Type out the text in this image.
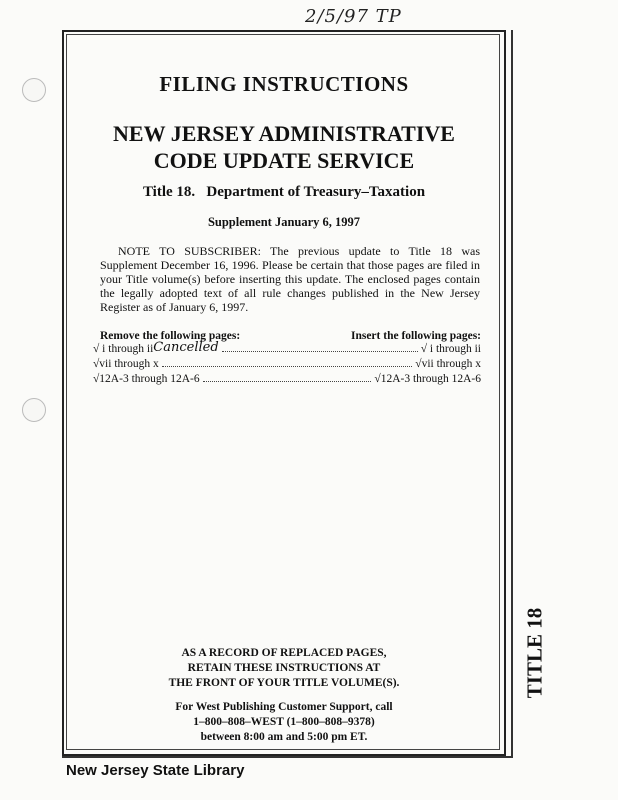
2/5/97 TP
FILING INSTRUCTIONS
NEW JERSEY ADMINISTRATIVE CODE UPDATE SERVICE
Title 18.   Department of Treasury–Taxation
Supplement January 6, 1997
NOTE TO SUBSCRIBER: The previous update to Title 18 was Supplement December 16, 1996. Please be certain that those pages are filed in your Title volume(s) before inserting this update. The enclosed pages contain the legally adopted text of all rule changes published in the New Jersey Register as of January 6, 1997.
Remove the following pages:	Insert the following pages:
√ i through ii Cancelled	√ i through ii
√vii through x	√vii through x
√12A-3 through 12A-6	√12A-3 through 12A-6
AS A RECORD OF REPLACED PAGES,
RETAIN THESE INSTRUCTIONS AT
THE FRONT OF YOUR TITLE VOLUME(S).
For West Publishing Customer Support, call
1–800–808–WEST (1–800–808–9378)
between 8:00 am and 5:00 pm ET.
TITLE 18
New Jersey State Library
